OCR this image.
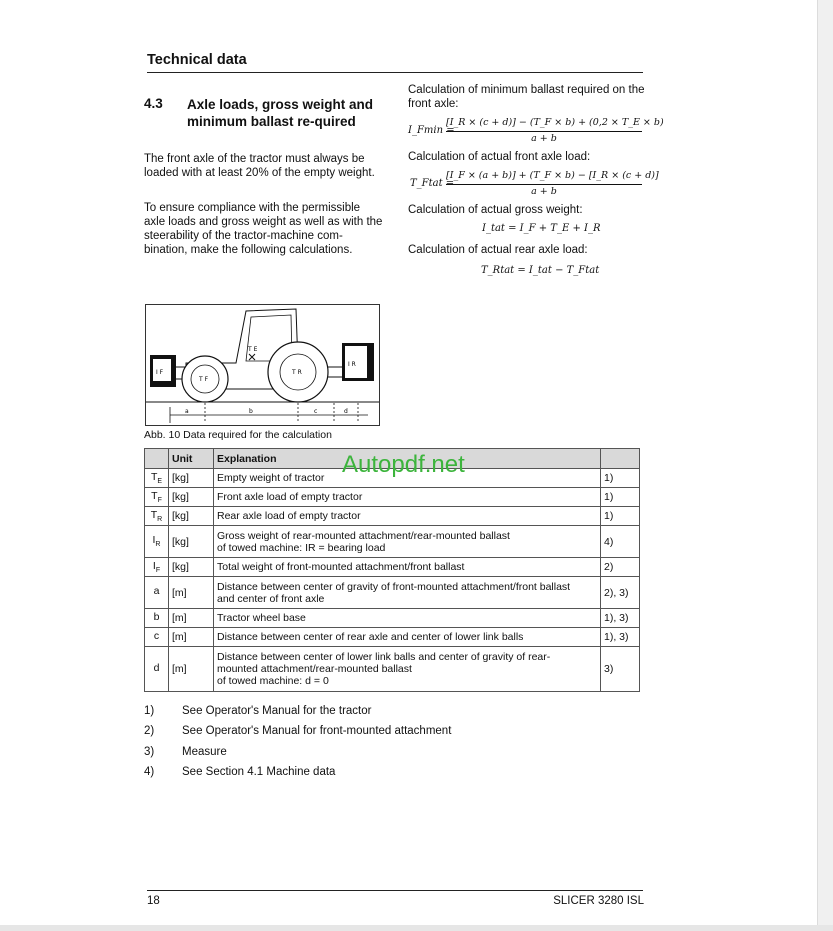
Technical data
4.3 Axle loads, gross weight and minimum ballast re-quired
The front axle of the tractor must always be loaded with at least 20% of the empty weight.
To ensure compliance with the permissible axle loads and gross weight as well as with the steerability of the tractor-machine com-bination, make the following calculations.
Calculation of minimum ballast required on the front axle:
I_Fmin =
[I_R × (c + d)] − (T_F × b) + (0,2 × T_E × b)
a + b
Calculation of actual front axle load:
T_Ftat =
[I_F × (a + b)] + (T_F × b) − [I_R × (c + d)]
a + b
Calculation of actual gross weight:
I_tat = I_F + T_E + I_R
Calculation of actual rear axle load:
T_Rtat = I_tat − T_Ftat
I F
T F
T R
T E
I R
a	b	c	d
Abb. 10 Data required for the calculation
	Unit	Explanation	
$T_E$	[kg]	Empty weight of tractor	1)
$T_F$	[kg]	Front axle load of empty tractor	1)
$T_R$	[kg]	Rear axle load of empty tractor	1)
$I_R$	[kg]	Gross weight of rear-mounted attachment/rear-mounted ballast
of towed machine: IR = bearing load	4)
$I_F$	[kg]	Total weight of front-mounted attachment/front ballast	2)
a	[m]	Distance between center of gravity of front-mounted attachment/front ballast
and center of front axle	2), 3)
b	[m]	Tractor wheel base	1), 3)
c	[m]	Distance between center of rear axle and center of lower link balls	1), 3)
d	[m]	Distance between center of lower link balls and center of gravity of rear-
mounted attachment/rear-mounted ballast
of towed machine: d = 0	3)
Autopdf.net
1) See Operator's Manual for the tractor
2) See Operator's Manual for front-mounted attachment
3) Measure
4) See Section 4.1 Machine data
18	SLICER 3280 ISL
